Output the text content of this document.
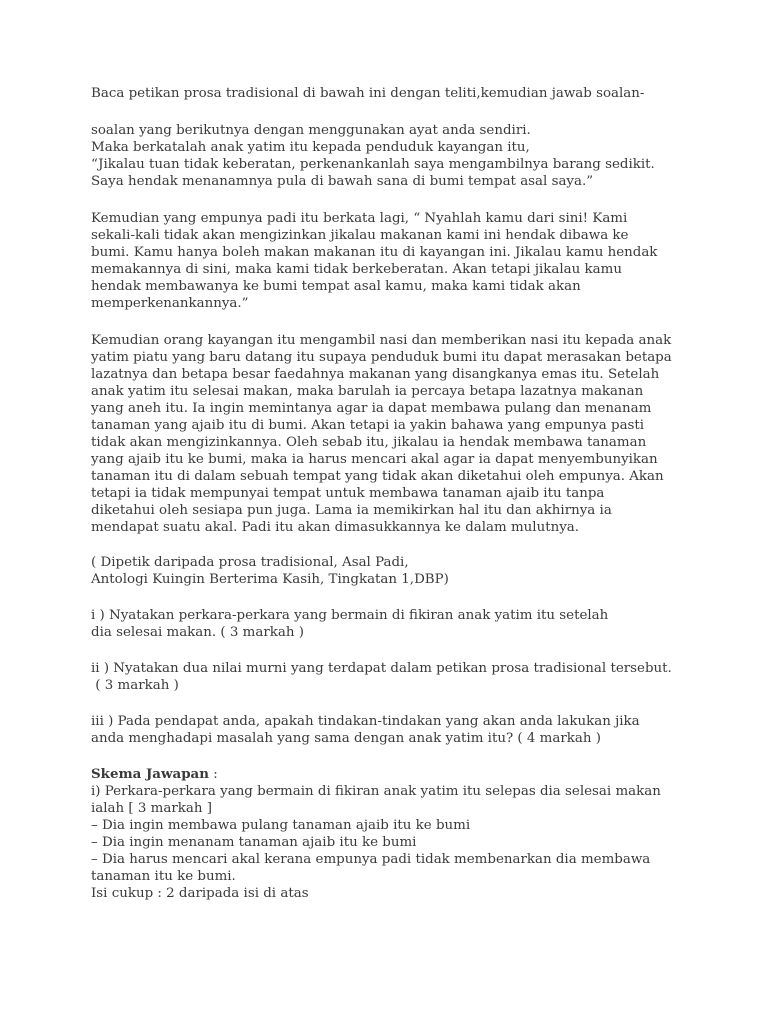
Baca petikan prosa tradisional di bawah ini dengan teliti,kemudian jawab soalan-

soalan yang berikutnya dengan menggunakan ayat anda sendiri.
Maka berkatalah anak yatim itu kepada penduduk kayangan itu,
“Jikalau tuan tidak keberatan, perkenankanlah saya mengambilnya barang sedikit.
Saya hendak menanamnya pula di bawah sana di bumi tempat asal saya.”

Kemudian yang empunya padi itu berkata lagi, “ Nyahlah kamu dari sini! Kami
sekali-kali tidak akan mengizinkan jikalau makanan kami ini hendak dibawa ke
bumi. Kamu hanya boleh makan makanan itu di kayangan ini. Jikalau kamu hendak
memakannya di sini, maka kami tidak berkeberatan. Akan tetapi jikalau kamu
hendak membawanya ke bumi tempat asal kamu, maka kami tidak akan
memperkenankannya.”

Kemudian orang kayangan itu mengambil nasi dan memberikan nasi itu kepada anak
yatim piatu yang baru datang itu supaya penduduk bumi itu dapat merasakan betapa
lazatnya dan betapa besar faedahnya makanan yang disangkanya emas itu. Setelah
anak yatim itu selesai makan, maka barulah ia percaya betapa lazatnya makanan
yang aneh itu. Ia ingin memintanya agar ia dapat membawa pulang dan menanam
tanaman yang ajaib itu di bumi. Akan tetapi ia yakin bahawa yang empunya pasti
tidak akan mengizinkannya. Oleh sebab itu, jikalau ia hendak membawa tanaman
yang ajaib itu ke bumi, maka ia harus mencari akal agar ia dapat menyembunyikan
tanaman itu di dalam sebuah tempat yang tidak akan diketahui oleh empunya. Akan
tetapi ia tidak mempunyai tempat untuk membawa tanaman ajaib itu tanpa
diketahui oleh sesiapa pun juga. Lama ia memikirkan hal itu dan akhirnya ia
mendapat suatu akal. Padi itu akan dimasukkannya ke dalam mulutnya.

( Dipetik daripada prosa tradisional, Asal Padi,
Antologi Kuingin Berterima Kasih, Tingkatan 1,DBP)

i ) Nyatakan perkara-perkara yang bermain di fikiran anak yatim itu setelah
dia selesai makan. ( 3 markah )

ii ) Nyatakan dua nilai murni yang terdapat dalam petikan prosa tradisional tersebut.
( 3 markah )

iii ) Pada pendapat anda, apakah tindakan-tindakan yang akan anda lakukan jika
anda menghadapi masalah yang sama dengan anak yatim itu? ( 4 markah )

Skema Jawapan :
i) Perkara-perkara yang bermain di fikiran anak yatim itu selepas dia selesai makan
ialah [ 3 markah ]
– Dia ingin membawa pulang tanaman ajaib itu ke bumi
– Dia ingin menanam tanaman ajaib itu ke bumi
– Dia harus mencari akal kerana empunya padi tidak membenarkan dia membawa
tanaman itu ke bumi.
Isi cukup : 2 daripada isi di atas
